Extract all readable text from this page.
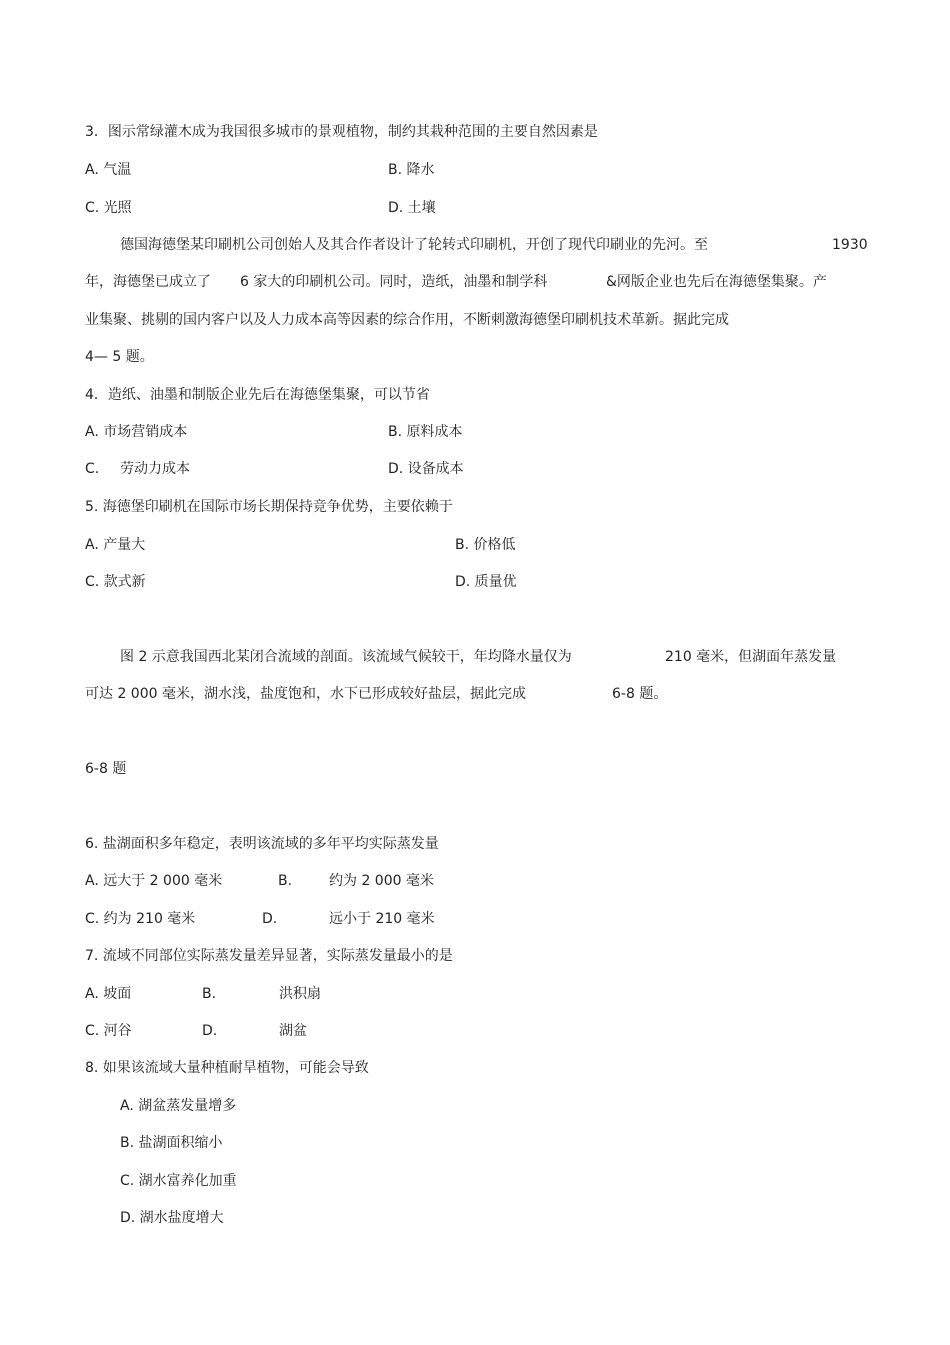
3．图示常绿灌木成为我国很多城市的景观植物，制约其栽种范围的主要自然因素是
A. 气温	B. 降水
C. 光照	D. 土壤
德国海德堡某印刷机公司创始人及其合作者设计了轮转式印刷机，开创了现代印刷业的先河。至	1930
年，海德堡已成立了 6 家大的印刷机公司。同时，造纸，油墨和制学科	&网版企业也先后在海德堡集聚。产
业集聚、挑剔的国内客户以及人力成本高等因素的综合作用，不断刺激海德堡印刷机技术革新。据此完成
4— 5 题。
4．造纸、油墨和制版企业先后在海德堡集聚，可以节省
A. 市场营销成本	B. 原料成本
C. 劳动力成本	D. 设备成本
5. 海德堡印刷机在国际市场长期保持竞争优势，主要依赖于
A. 产量大	B. 价格低
C. 款式新	D. 质量优
图 2 示意我国西北某闭合流域的剖面。该流域气候较干，年均降水量仅为	210 毫米，但湖面年蒸发量
可达 2 000 毫米，湖水浅，盐度饱和，水下已形成较好盐层，据此完成	6-8 题。
6-8 题
6. 盐湖面积多年稳定，表明该流域的多年平均实际蒸发量
A. 远大于 2 000 毫米	B.	约为 2 000 毫米
C. 约为 210 毫米	D.	远小于 210 毫米
7. 流域不同部位实际蒸发量差异显著，实际蒸发量最小的是
A. 坡面	B.	洪积扇
C. 河谷	D.	湖盆
8. 如果该流域大量种植耐旱植物，可能会导致
A. 湖盆蒸发量增多
B. 盐湖面积缩小
C. 湖水富养化加重
D. 湖水盐度增大
